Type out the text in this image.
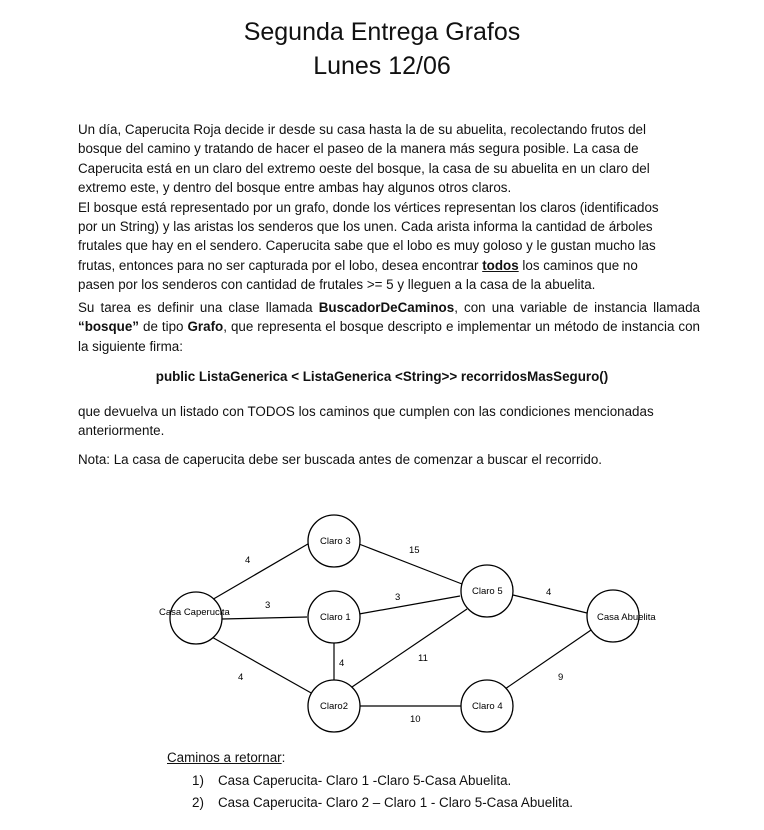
Segunda Entrega Grafos
Lunes 12/06
Un día, Caperucita Roja decide ir desde su casa hasta la de su abuelita, recolectando frutos del
bosque del camino y tratando de hacer el paseo de la manera más segura posible. La casa de
Caperucita está en un claro del extremo oeste del bosque, la casa de su abuelita en un claro del
extremo este, y dentro del bosque entre ambas hay algunos otros claros.
El bosque está representado por un grafo, donde los vértices representan los claros (identificados
por un String) y las aristas los senderos que los unen. Cada arista informa la cantidad de árboles
frutales que hay en el sendero. Caperucita sabe que el lobo es muy goloso y le gustan mucho las
frutas, entonces para no ser capturada por el lobo, desea encontrar todos los caminos que no
pasen por los senderos con cantidad de frutales >= 5 y lleguen a la casa de la abuelita.
Su tarea es definir una clase llamada BuscadorDeCaminos, con una variable de instancia llamada “bosque” de tipo Grafo, que representa el bosque descripto e implementar un método de instancia con la siguiente firma:
public ListaGenerica < ListaGenerica <String>> recorridosMasSeguro()
que devuelva un listado con TODOS los caminos que cumplen con las condiciones mencionadas anteriormente.
Nota: La casa de caperucita debe ser buscada antes de comenzar a buscar el recorrido.
Casa Caperucita
Claro 3
Claro 1
Claro2
Claro 5
Claro 4
Casa Abuelita
4
3
4
15
3
4	11
10
4
9
Caminos a retornar:
1) Casa Caperucita- Claro 1 -Claro 5-Casa Abuelita.
2) Casa Caperucita- Claro 2 – Claro 1 - Claro 5-Casa Abuelita.
